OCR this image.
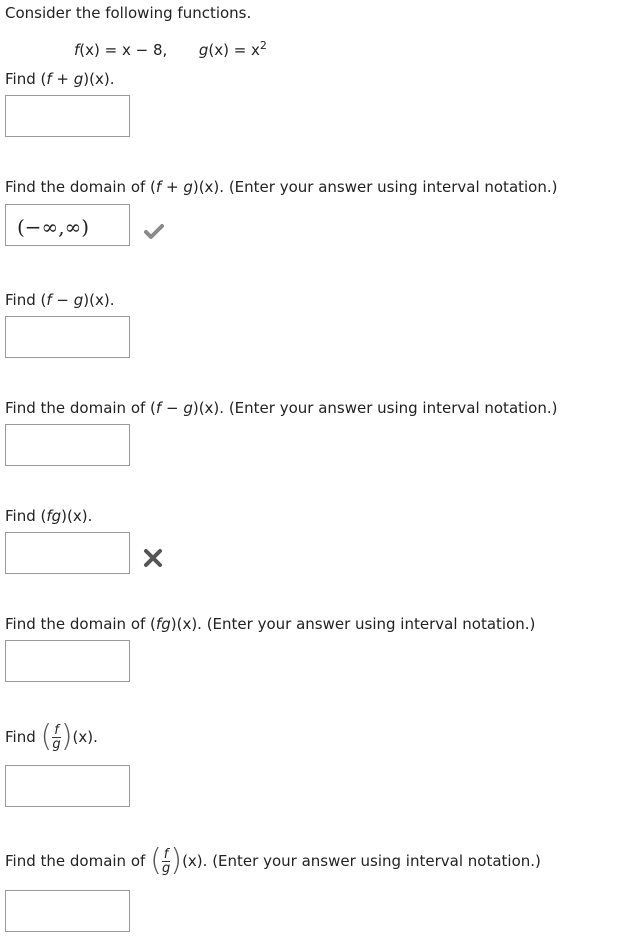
Consider the following functions.
f(x) = x − 8, $g(x) = x^2$
Find (f + g)(x).
Find the domain of (f + g)(x). (Enter your answer using interval notation.)
(−∞,∞)
Find (f − g)(x).
Find the domain of (f − g)(x). (Enter your answer using interval notation.)
Find (fg)(x).
Find the domain of (fg)(x). (Enter your answer using interval notation.)
Find ( $\frac{f}{g} )(x)$.
Find the domain of ( $\frac{f}{g} )(x)$. (Enter your answer using interval notation.)
